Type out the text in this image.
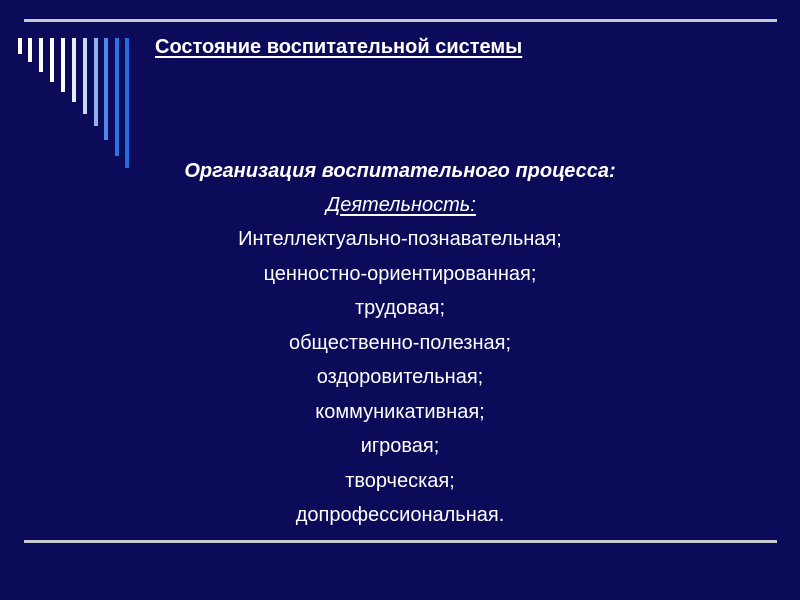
Состояние воспитательной системы
Организация воспитательного процесса:
Деятельность:
Интеллектуально-познавательная;
ценностно-ориентированная;
трудовая;
общественно-полезная;
оздоровительная;
коммуникативная;
игровая;
творческая;
допрофессиональная.
